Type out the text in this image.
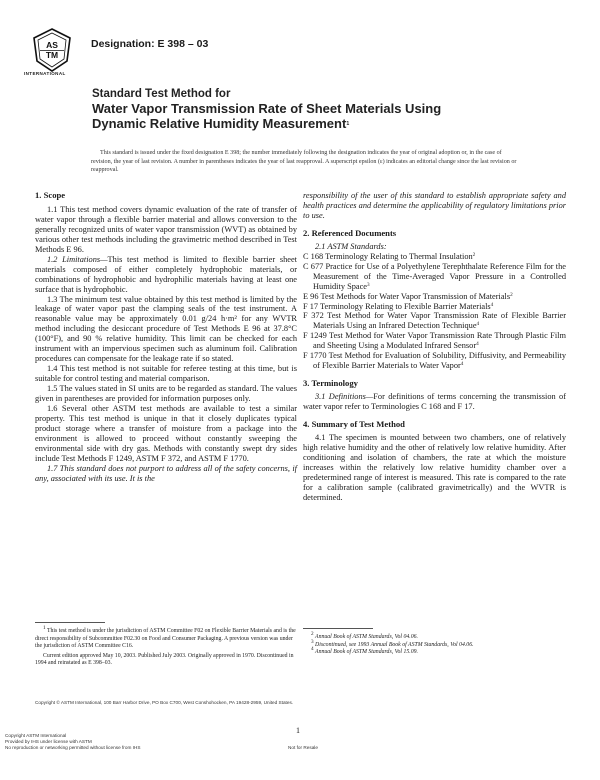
AS
TM
INTERNATIONAL
Designation: E 398 – 03
Standard Test Method for
Water Vapor Transmission Rate of Sheet Materials Using
Dynamic Relative Humidity Measurement$^1$
This standard is issued under the fixed designation E 398; the number immediately following the designation indicates the year of original adoption or, in the case of revision, the year of last revision. A number in parentheses indicates the year of last reapproval. A superscript epsilon (ε) indicates an editorial change since the last revision or reapproval.
1. Scope

1.1 This test method covers dynamic evaluation of the rate of transfer of water vapor through a flexible barrier material and allows conversion to the generally recognized units of water vapor transmission (WVT) as obtained by various other test methods including the gravimetric method described in Test Methods E 96.

1.2 Limitations—This test method is limited to flexible barrier sheet materials composed of either completely hydrophobic materials, or combinations of hydrophobic and hydrophilic materials having at least one surface that is hydrophobic.

1.3 The minimum test value obtained by this test method is limited by the leakage of water vapor past the clamping seals of the test instrument. A reasonable value may be approximately 0.01 g/24 h·m² for any WVTR method including the desiccant procedure of Test Methods E 96 at 37.8°C (100°F), and 90 % relative humidity. This limit can be checked for each instrument with an impervious specimen such as aluminum foil. Calibration procedures can compensate for the leakage rate if so stated.

1.4 This test method is not suitable for referee testing at this time, but is suitable for control testing and material comparison.

1.5 The values stated in SI units are to be regarded as standard. The values given in parentheses are provided for information purposes only.

1.6 Several other ASTM test methods are available to test a similar property. This test method is unique in that it closely duplicates typical product storage where a transfer of moisture from a package into the environment is allowed to proceed without constantly sweeping the environmental side with dry gas. Methods with constantly swept dry sides include Test Methods F 1249, ASTM F 372, and ASTM F 1770.

1.7 This standard does not purport to address all of the safety concerns, if any, associated with its use. It is the

responsibility of the user of this standard to establish appropriate safety and health practices and determine the applicability of regulatory limitations prior to use.

2. Referenced Documents

2.1 ASTM Standards:

C 168 Terminology Relating to Thermal Insulation$^2$

C 677 Practice for Use of a Polyethylene Terephthalate Reference Film for the Measurement of the Time-Averaged Vapor Pressure in a Controlled Humidity Space$^3$

E 96 Test Methods for Water Vapor Transmission of Materials$^2$

F 17 Terminology Relating to Flexible Barrier Materials$^4$

F 372 Test Method for Water Vapor Transmission Rate of Flexible Barrier Materials Using an Infrared Detection Technique$^4$

F 1249 Test Method for Water Vapor Transmission Rate Through Plastic Film and Sheeting Using a Modulated Infrared Sensor$^4$

F 1770 Test Method for Evaluation of Solubility, Diffusivity, and Permeability of Flexible Barrier Materials to Water Vapor$^4$

3. Terminology

3.1 Definitions—For definitions of terms concerning the transmission of water vapor refer to Terminologies C 168 and F 17.

4. Summary of Test Method

4.1 The specimen is mounted between two chambers, one of relatively high relative humidity and the other of relatively low relative humidity. After conditioning and isolation of chambers, the rate at which the moisture increases within the relatively low relative humidity chamber over a predetermined range of interest is measured. This rate is compared to the rate for a calibration sample (calibrated gravimetrically) and the WVTR is determined.

$^1$ This test method is under the jurisdiction of ASTM Committee F02 on Flexible Barrier Materials and is the direct responsibility of Subcommittee F02.30 on Food and Consumer Packaging. A previous version was under the jurisdiction of ASTM Committee C16.

Current edition approved May 10, 2003. Published July 2003. Originally approved in 1970. Discontinued in 1994 and reinstated as E 398–03.

$^2$ Annual Book of ASTM Standards, Vol 04.06.

$^3$ Discontinued, see 1993 Annual Book of ASTM Standards, Vol 04.06.

$^4$ Annual Book of ASTM Standards, Vol 15.09.

Copyright © ASTM International, 100 Barr Harbor Drive, PO Box C700, West Conshohocken, PA 19428-2959, United States.
1
Copyright ASTM International
Provided by IHS under license with ASTM
No reproduction or networking permitted without license from IHS	Not for Resale
